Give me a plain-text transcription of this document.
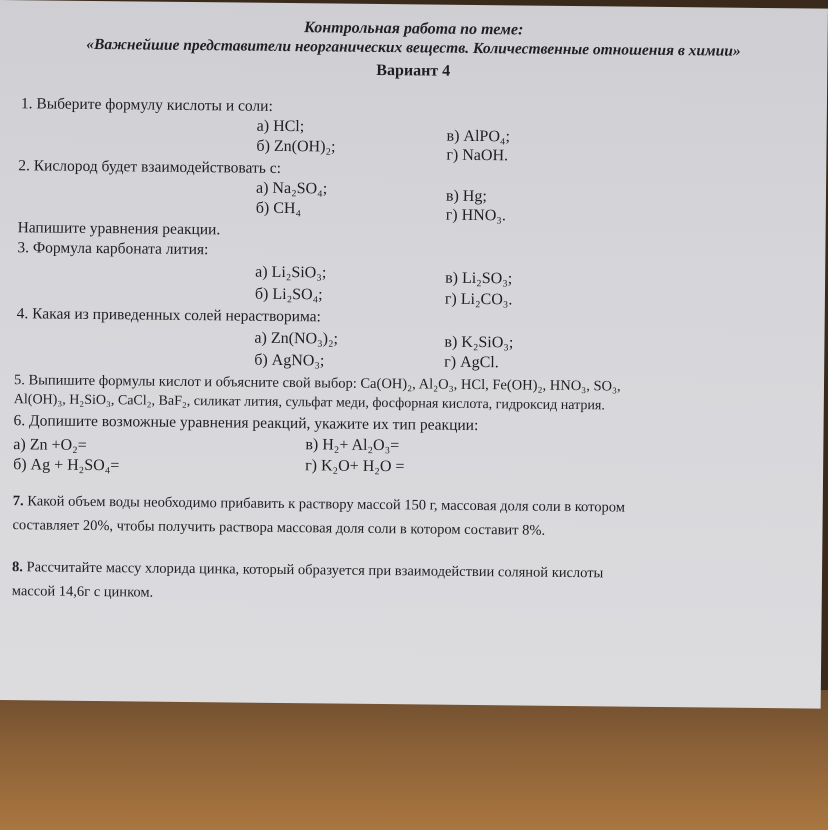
Контрольная работа по теме:
«Важнейшие представители неорганических веществ. Количественные отношения в химии»
Вариант 4
1. Выберите формулу кислоты и соли:
а) HCl;
б) Zn(OH)₂;
в) AlPO₄;
г) NaOH.
2. Кислород будет взаимодействовать с:
а) Na₂SO₄;
б) CH₄
в) Hg;
г) HNO₃.
Напишите уравнения реакции.
3. Формула карбоната лития:
а) Li₂SiO₃;
б) Li₂SO₄;
в) Li₂SO₃;
г) Li₂CO₃.
4. Какая из приведенных солей нерастворима:
а) Zn(NO₃)₂;
б) AgNO₃;
в) K₂SiO₃;
г) AgCl.
5. Выпишите формулы кислот и объясните свой выбор: Ca(OH)₂, Al₂O₃, HCl, Fe(OH)₂, HNO₃, SO₃,
Al(OH)₃, H₂SiO₃, CaCl₂, BaF₂, силикат лития, сульфат меди, фосфорная кислота, гидроксид натрия.
6. Допишите возможные уравнения реакций, укажите их тип реакции:
а) Zn +O₂=
б) Ag + H₂SO₄=
в) H₂+ Al₂O₃=
г) K₂O+ H₂O =
7. Какой объем воды необходимо прибавить к раствору массой 150 г, массовая доля соли в котором
составляет 20%, чтобы получить раствора массовая доля соли в котором составит 8%.
8. Рассчитайте массу хлорида цинка, который образуется при взаимодействии соляной кислоты
массой 14,6г с цинком.
